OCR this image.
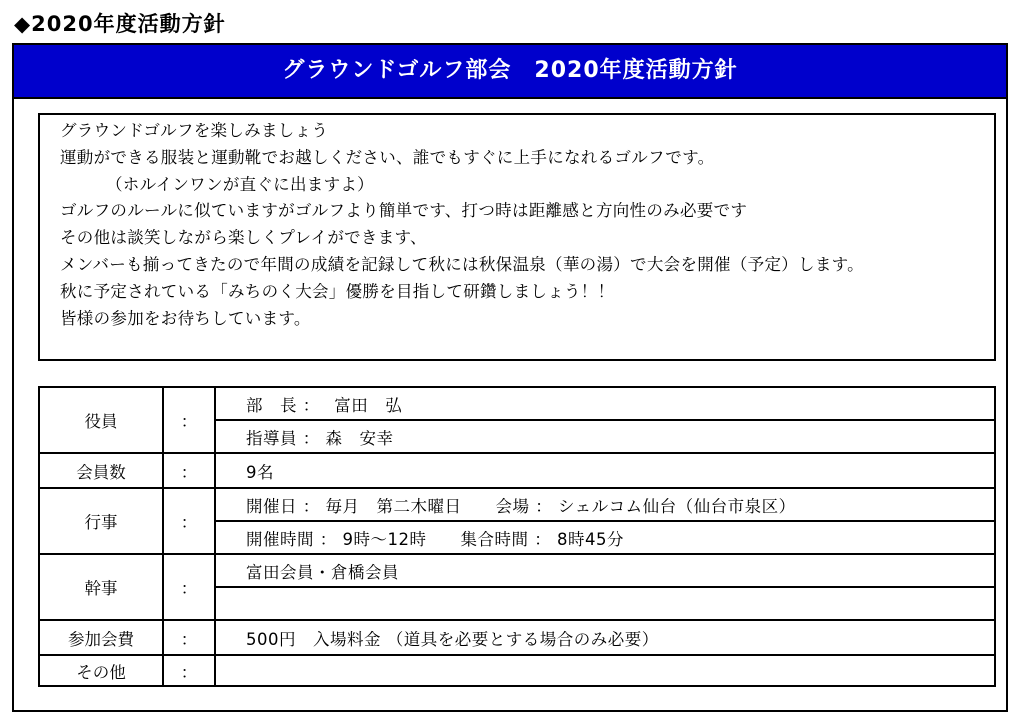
◆2020年度活動方針
グラウンドゴルフ部会　2020年度活動方針
グラウンドゴルフを楽しみましょう
運動ができる服装と運動靴でお越しください、誰でもすぐに上手になれるゴルフです。
（ホルインワンが直ぐに出ますよ）
ゴルフのルールに似ていますがゴルフより簡単です、打つ時は距離感と方向性のみ必要です
その他は談笑しながら楽しくプレイができます、
メンバーも揃ってきたので年間の成績を記録して秋には秋保温泉（華の湯）で大会を開催（予定）します。
秋に予定されている「みちのく大会」優勝を目指して研鑽しましょう！！
皆様の参加をお待ちしています。
役員	：	部　長 ：　 富田　弘
		指導員 ： 森　安幸
会員数	：	9名
行事	：	開催日 ： 毎月　第二木曜日　　会場 ： シェルコム仙台（仙台市泉区）
		開催時間 ： 9時～12時　　集合時間 ： 8時45分
幹事	：	富田会員・倉橋会員

参加会費	：	500円　入場料金 （道具を必要とする場合のみ必要）
その他	：	
